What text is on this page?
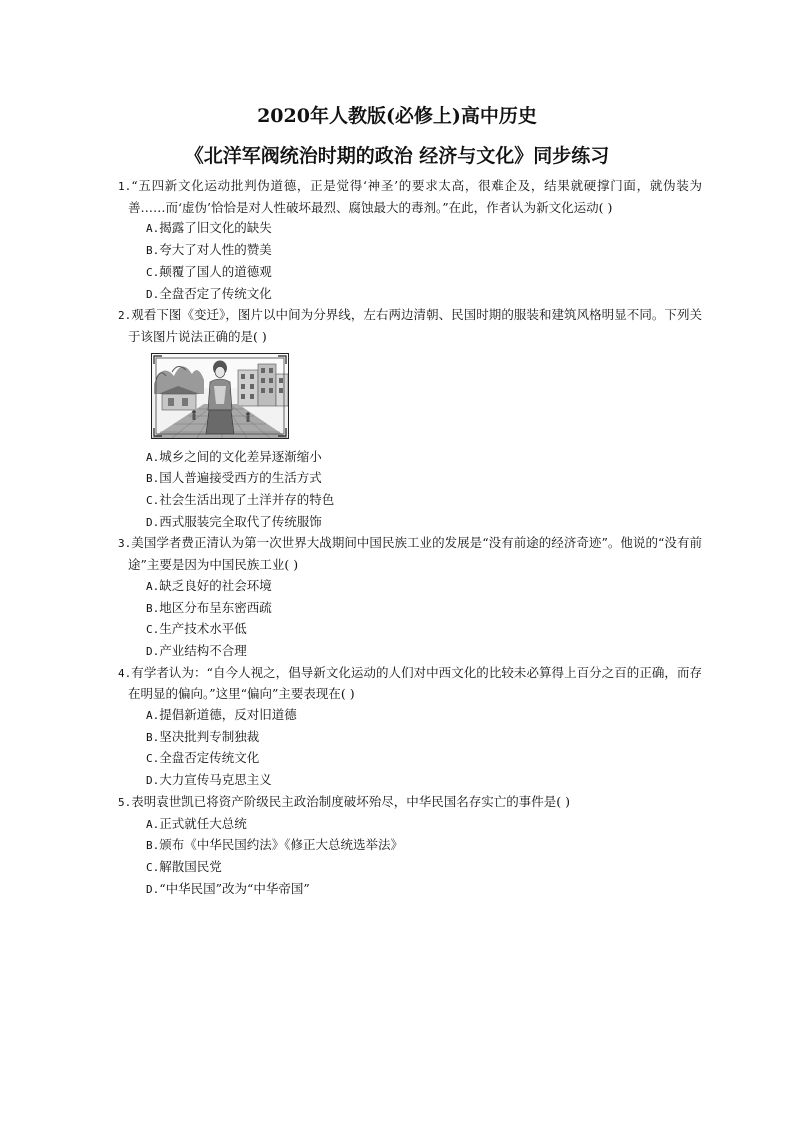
2020年人教版(必修上)高中历史
《北洋军阀统治时期的政治 经济与文化》同步练习

1.“五四新文化运动批判伪道德，正是觉得‘神圣’的要求太高，很难企及，结果就硬撑门面，就伪装为善……而‘虚伪’恰恰是对人性破坏最烈、腐蚀最大的毒剂。”在此，作者认为新文化运动( )

A.揭露了旧文化的缺失

B.夸大了对人性的赞美

C.颠覆了国人的道德观

D.全盘否定了传统文化

2.观看下图《变迁》，图片以中间为分界线，左右两边清朝、民国时期的服装和建筑风格明显不同。下列关于该图片说法正确的是( )

A.城乡之间的文化差异逐渐缩小

B.国人普遍接受西方的生活方式

C.社会生活出现了土洋并存的特色

D.西式服装完全取代了传统服饰

3.美国学者费正清认为第一次世界大战期间中国民族工业的发展是“没有前途的经济奇迹”。他说的“没有前途”主要是因为中国民族工业( )

A.缺乏良好的社会环境

B.地区分布呈东密西疏

C.生产技术水平低

D.产业结构不合理

4.有学者认为：“自今人视之，倡导新文化运动的人们对中西文化的比较未必算得上百分之百的正确，而存在明显的偏向。”这里“偏向”主要表现在( )

A.提倡新道德，反对旧道德

B.坚决批判专制独裁

C.全盘否定传统文化

D.大力宣传马克思主义

5.表明袁世凯已将资产阶级民主政治制度破坏殆尽，中华民国名存实亡的事件是( )

A.正式就任大总统

B.颁布《中华民国约法》《修正大总统选举法》

C.解散国民党

D.“中华民国”改为“中华帝国”
